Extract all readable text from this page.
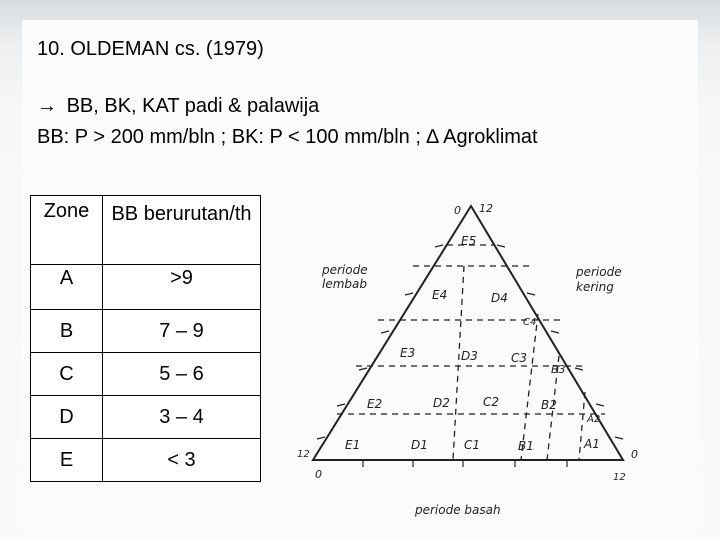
10. OLDEMAN cs. (1979)
→ BB, BK, KAT padi & palawija
BB: P > 200 mm/bln ; BK: P < 100 mm/bln ; ∆ Agroklimat
Zone	BB berurutan/th
A	>9
B	7 – 9
C	5 – 6
D	3 – 4
E	< 3
0 12
12
0
0
12
periode
lembab
periode
kering
periode basah
E5
E4	D4
C4
E3	D3	C3
B3
E2	D2	C2	B2
A2
E1	D1	C1	B1	A1
